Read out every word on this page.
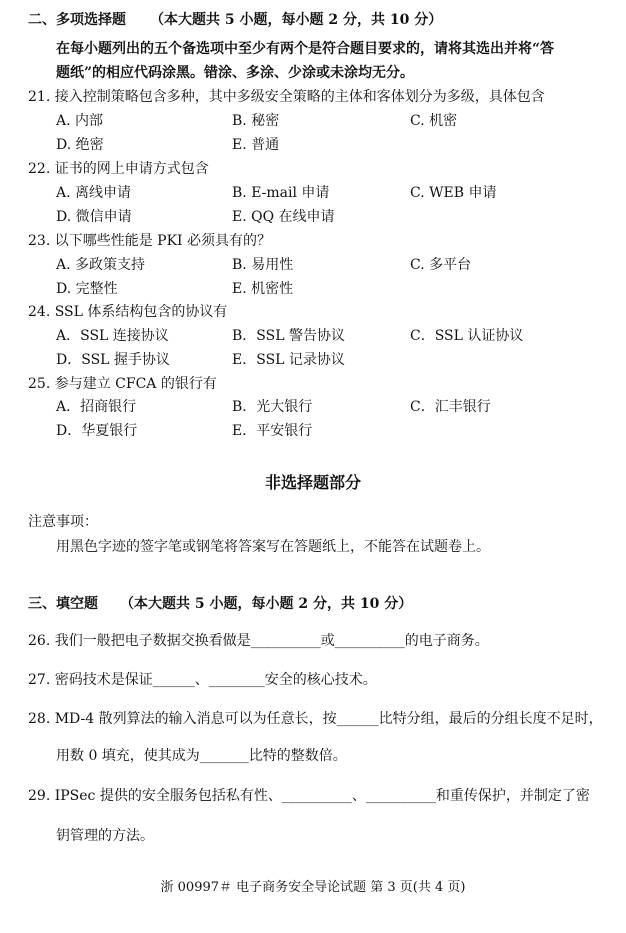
二、多项选择题 （本大题共 5 小题，每小题 2 分，共 10 分）
在每小题列出的五个备选项中至少有两个是符合题目要求的，请将其选出并将“答
题纸”的相应代码涂黑。错涂、多涂、少涂或未涂均无分。
21. 接入控制策略包含多种，其中多级安全策略的主体和客体划分为多级，具体包含
A. 内部	B. 秘密	C. 机密
D. 绝密	E. 普通
22. 证书的网上申请方式包含
A. 离线申请	B. E-mail 申请	C. WEB 申请
D. 微信申请	E. QQ 在线申请
23. 以下哪些性能是 PKI 必须具有的？
A. 多政策支持	B. 易用性	C. 多平台
D. 完整性	E. 机密性
24. SSL 体系结构包含的协议有
A．SSL 连接协议	B．SSL 警告协议	C．SSL 认证协议
D．SSL 握手协议	E．SSL 记录协议
25. 参与建立 CFCA 的银行有
A．招商银行	B．光大银行	C．汇丰银行
D．华夏银行	E．平安银行
非选择题部分
注意事项：
用黑色字迹的签字笔或钢笔将答案写在答题纸上，不能答在试题卷上。
三、填空题 （本大题共 5 小题，每小题 2 分，共 10 分）
26. 我们一般把电子数据交换看做是__________或__________的电子商务。
27. 密码技术是保证______、________安全的核心技术。
28. MD-4 散列算法的输入消息可以为任意长，按______比特分组，最后的分组长度不足时，
用数 0 填充，使其成为_______比特的整数倍。
29. IPSec 提供的安全服务包括私有性、__________、__________和重传保护，并制定了密
钥管理的方法。
浙 00997＃ 电子商务安全导论试题 第 3 页(共 4 页)
